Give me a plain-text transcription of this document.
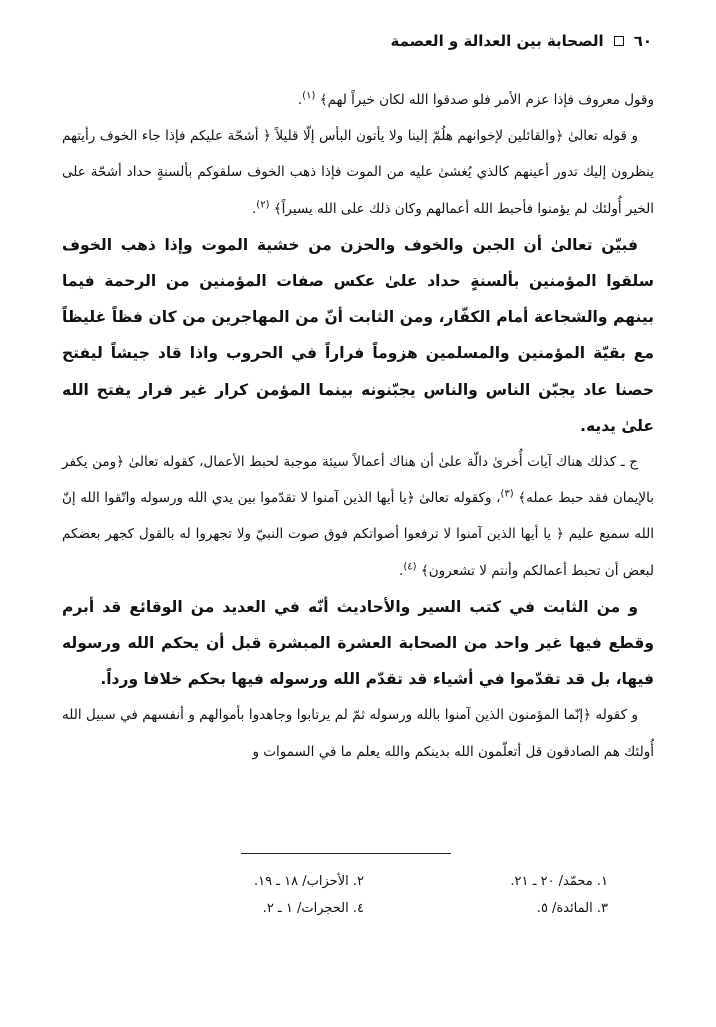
٦٠
الصحابة بين العدالة و العصمة

وقول معروف فإذا عزم الأمر فلو صدقوا الله لكان خيراً لهم﴾ $^{(١)}$.

و قوله تعالىٰ ﴿والقائلين لإخوانهم هلُمّ إلينا ولا يأتون البأس إلّا قليلاً ﴿ أشحّة عليكم فإذا جاء الخوف رأيتهم ينظرون إليك تدور أعينهم كالذي يُغشىٰ عليه من الموت فإذا ذهب الخوف سلقوكم بألسنةٍ حداد أشحّة على الخير أُولئك لم يؤمنوا فأحبط الله أعمالهم وكان ذلك على الله يسيراً﴾ $^{(٢)}$.

فبيّن تعالىٰ أن الجبن والخوف والحزن من خشية الموت وإذا ذهب الخوف سلقوا المؤمنين بألسنةٍ حداد علىٰ عكس صفات المؤمنين من الرحمة فيما بينهم والشجاعة أمام الكفّار، ومن الثابت أنّ من المهاجرين من كان فظاً غليظاً مع بقيّة المؤمنين والمسلمين هزوماً فراراً في الحروب واذا قاد جيشاً ليفتح حصنا عاد يجبّن الناس والناس يجبّنونه بينما المؤمن كرار غير فرار يفتح الله علىٰ يديه.

ج ـ كذلك هناك آيات أُخرىٰ دالّة علىٰ أن هناك أعمالاً سيئة موجبة لحبط الأعمال، كقوله تعالىٰ ﴿ومن يكفر بالإيمان فقد حبط عمله﴾ $^{(٣)}$، وكقوله تعالىٰ ﴿يا أيها الذين آمنوا لا تقدّموا بين يدي الله ورسوله واتّقوا الله إنّ الله سميع عليم ﴿ يا أيها الذين آمنوا لا ترفعوا أصواتكم فوق صوت النبيّ ولا تجهروا له بالقول كجهر بعضكم لبعض أن تحبط أعمالكم وأنتم لا تشعرون﴾ $^{(٤)}$.

و من الثابت في كتب السير والأحاديث أنّه في العديد من الوقائع قد أبرم وقطع فيها غير واحد من الصحابة العشرة المبشرة قبل أن يحكم الله ورسوله فيها، بل قد تقدّموا في أشياء قد تقدّم الله ورسوله فيها بحكم خلافا ورداً.

و كقوله ﴿إنّما المؤمنون الذين آمنوا بالله ورسوله ثمّ لم يرتابوا وجاهدوا بأموالهم و أنفسهم في سبيل الله أُولئك هم الصادقون قل أتعلّمون الله بدينكم والله يعلم ما في السموات و

١. محمّد/ ٢٠ ـ ٢١.
٢. الأحزاب/ ١٨ ـ ١٩.
٣. المائدة/ ٥.
٤. الحجرات/ ١ ـ ٢.
